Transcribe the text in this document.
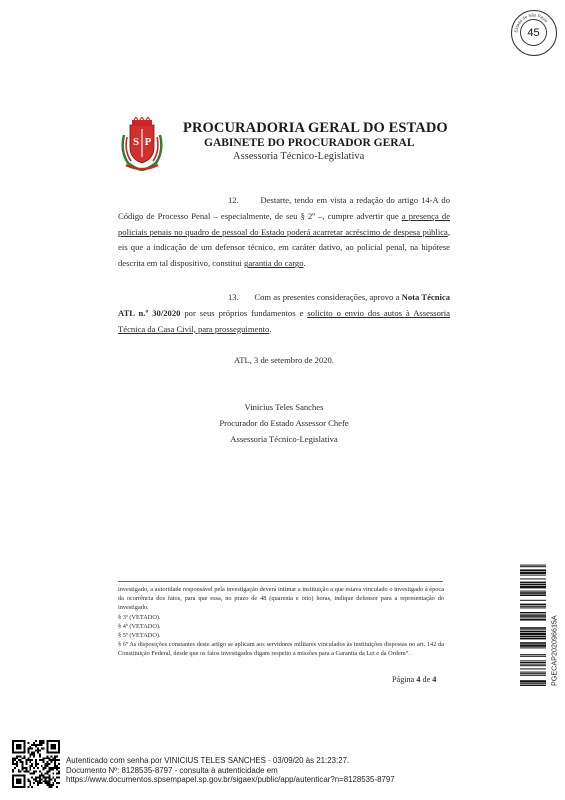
Estado de São Paulo
45
S P
PROCURADORIA GERAL DO ESTADO
GABINETE DO PROCURADOR GERAL
Assessoria Técnico-Legislativa
12.       Destarte, tendo em vista a redação do artigo 14-A do Código de Processo Penal – especialmente, de seu § 2º –, cumpre advertir que a presença de policiais penais no quadro de pessoal do Estado poderá acarretar acréscimo de despesa pública, eis que a indicação de um defensor técnico, em caráter dativo, ao policial penal, na hipótese descrita em tal dispositivo, constitui garantia do cargo.
13.       Com as presentes considerações, aprovo a Nota Técnica ATL n.º 30/2020 por seus próprios fundamentos e solicito o envio dos autos à Assessoria Técnica da Casa Civil, para prosseguimento.
ATL, 3 de setembro de 2020.
Vinicius Teles Sanches
Procurador do Estado Assessor Chefe
Assessoria Técnico-Legislativa
investigado, a autoridade responsável pela investigação deverá intimar a instituição a que estava vinculado o investigado à época da ocorrência dos fatos, para que essa, no prazo de 48 (quarenta e oito) horas, indique defensor para a representação do investigado.
§ 3º (VETADO).
§ 4º (VETADO).
§ 5º (VETADO).
§ 6º As disposições constantes deste artigo se aplicam aos servidores militares vinculados às instituições dispostas no art. 142 da Constituição Federal, desde que os fatos investigados digam respeito a missões para a Garantia da Lei e da Ordem”.
Página 4 de 4	PGECAP202096615A
Autenticado com senha por VINICIUS TELES SANCHES - 03/09/20 às 21:23:27.
Documento Nº: 8128535-8797 - consulta à autenticidade em
https://www.documentos.spsempapel.sp.gov.br/sigaex/public/app/autenticar?n=8128535-8797
